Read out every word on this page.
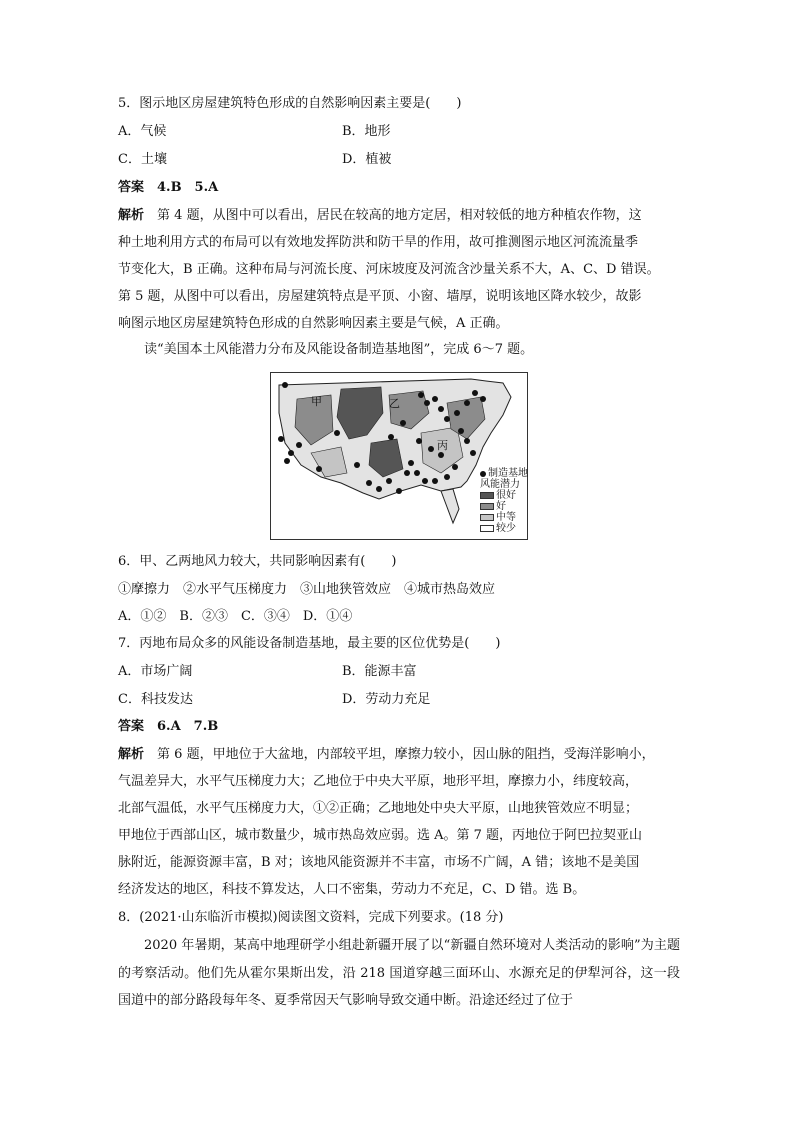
5．图示地区房屋建筑特色形成的自然影响因素主要是(　　)
A．气候	B．地形
C．土壤	D．植被
答案　4.B　5.A
解析　 第 4 题，从图中可以看出，居民在较高的地方定居，相对较低的地方种植农作物，这
种土地利用方式的布局可以有效地发挥防洪和防干旱的作用，故可推测图示地区河流流量季
节变化大，B 正确。这种布局与河流长度、河床坡度及河流含沙量关系不大，A、C、D 错误。
第 5 题，从图中可以看出，房屋建筑特点是平顶、小窗、墙厚，说明该地区降水较少，故影
响图示地区房屋建筑特色形成的自然影响因素主要是气候，A 正确。
读“美国本土风能潜力分布及风能设备制造基地图”，完成 6～7 题。
甲	乙
丙
制造基地
风能潜力
很好
好
中等
较少
6．甲、乙两地风力较大，共同影响因素有(　　)
①摩擦力　②水平气压梯度力　③山地狭管效应　④城市热岛效应
A．①②　B．②③　C．③④　D．①④
7．丙地布局众多的风能设备制造基地，最主要的区位优势是(　　)
A．市场广阔	B．能源丰富
C．科技发达	D．劳动力充足
答案　6.A　7.B
解析　 第 6 题，甲地位于大盆地，内部较平坦，摩擦力较小，因山脉的阻挡，受海洋影响小，
气温差异大，水平气压梯度力大；乙地位于中央大平原，地形平坦，摩擦力小，纬度较高，
北部气温低，水平气压梯度力大，①②正确；乙地地处中央大平原，山地狭管效应不明显；
甲地位于西部山区，城市数量少，城市热岛效应弱。选 A。第 7 题，丙地位于阿巴拉契亚山
脉附近，能源资源丰富，B 对；该地风能资源并不丰富，市场不广阔，A 错；该地不是美国
经济发达的地区，科技不算发达，人口不密集，劳动力不充足，C、D 错。选 B。
8．(2021·山东临沂市模拟)阅读图文资料，完成下列要求。(18 分)
2020 年暑期，某高中地理研学小组赴新疆开展了以“新疆自然环境对人类活动的影响”为主题的考察活动。他们先从霍尔果斯出发，沿 218 国道穿越三面环山、水源充足的伊犁河谷，这一段国道中的部分路段每年冬、夏季常因天气影响导致交通中断。沿途还经过了位于
